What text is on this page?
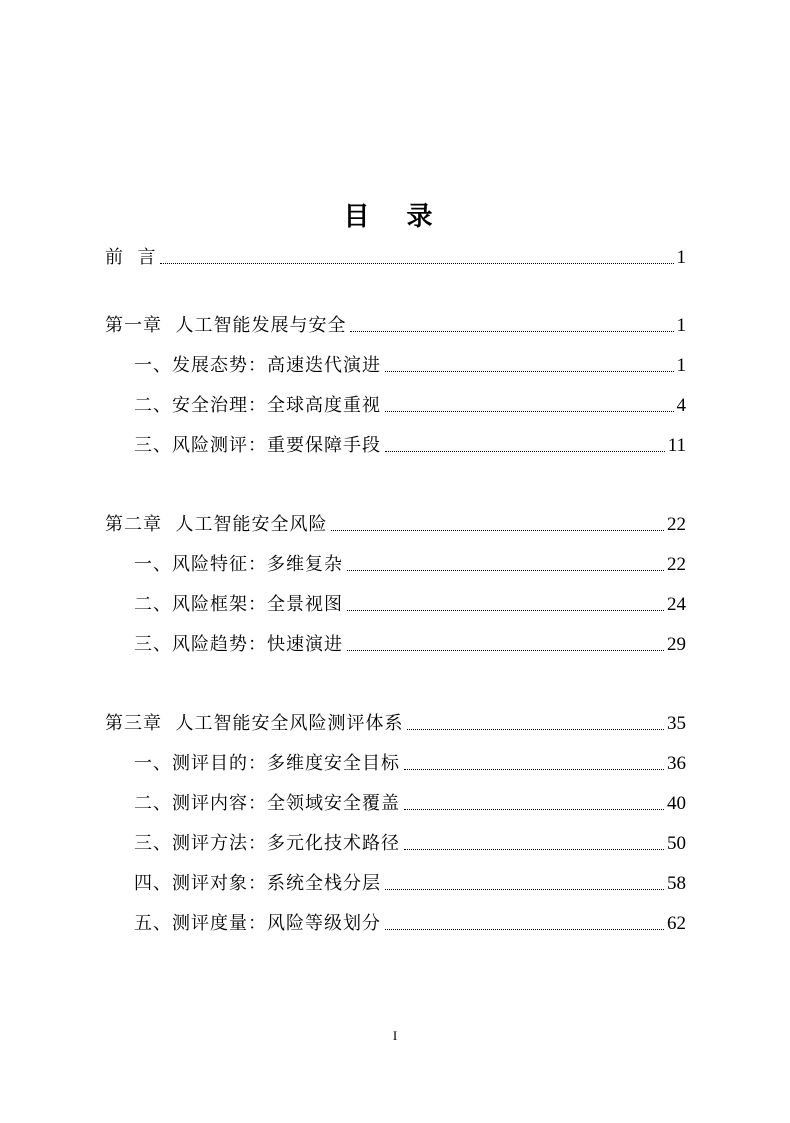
目 录
前  言	1
第一章  人工智能发展与安全	1
一、发展态势：高速迭代演进	1
二、安全治理：全球高度重视	4
三、风险测评：重要保障手段	11
第二章  人工智能安全风险	22
一、风险特征：多维复杂	22
二、风险框架：全景视图	24
三、风险趋势：快速演进	29
第三章  人工智能安全风险测评体系	35
一、测评目的：多维度安全目标	36
二、测评内容：全领域安全覆盖	40
三、测评方法：多元化技术路径	50
四、测评对象：系统全栈分层	58
五、测评度量：风险等级划分	62
I
